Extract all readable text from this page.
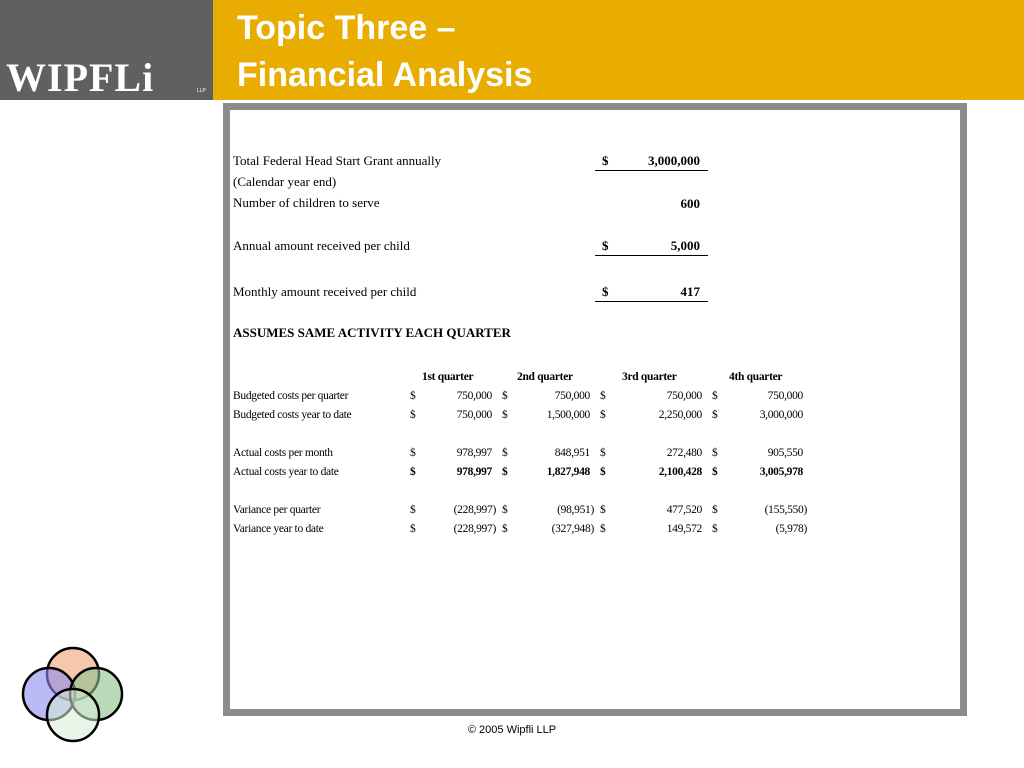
WIPFLi	LLP
Topic Three –
Financial Analysis
Total Federal Head Start Grant annually	$	3,000,000
(Calendar year end)
Number of children to serve	600
Annual amount received per child	$	5,000
Monthly amount received per child	$	417
ASSUMES SAME ACTIVITY EACH QUARTER
1st quarter	2nd quarter	3rd quarter	4th quarter
Budgeted costs per quarter	$	750,000 $	750,000 $	750,000 $	750,000
Budgeted costs year to date	$	750,000 $	1,500,000 $	2,250,000 $	3,000,000
Actual costs per month	$	978,997 $	848,951 $	272,480 $	905,550
Actual costs year to date	$	978,997 $	1,827,948 $	2,100,428 $	3,005,978
Variance per quarter	$	(228,997) $	(98,951) $	477,520 $	(155,550)
Variance year to date	$	(228,997) $	(327,948) $	149,572 $	(5,978)
© 2005 Wipfli LLP
